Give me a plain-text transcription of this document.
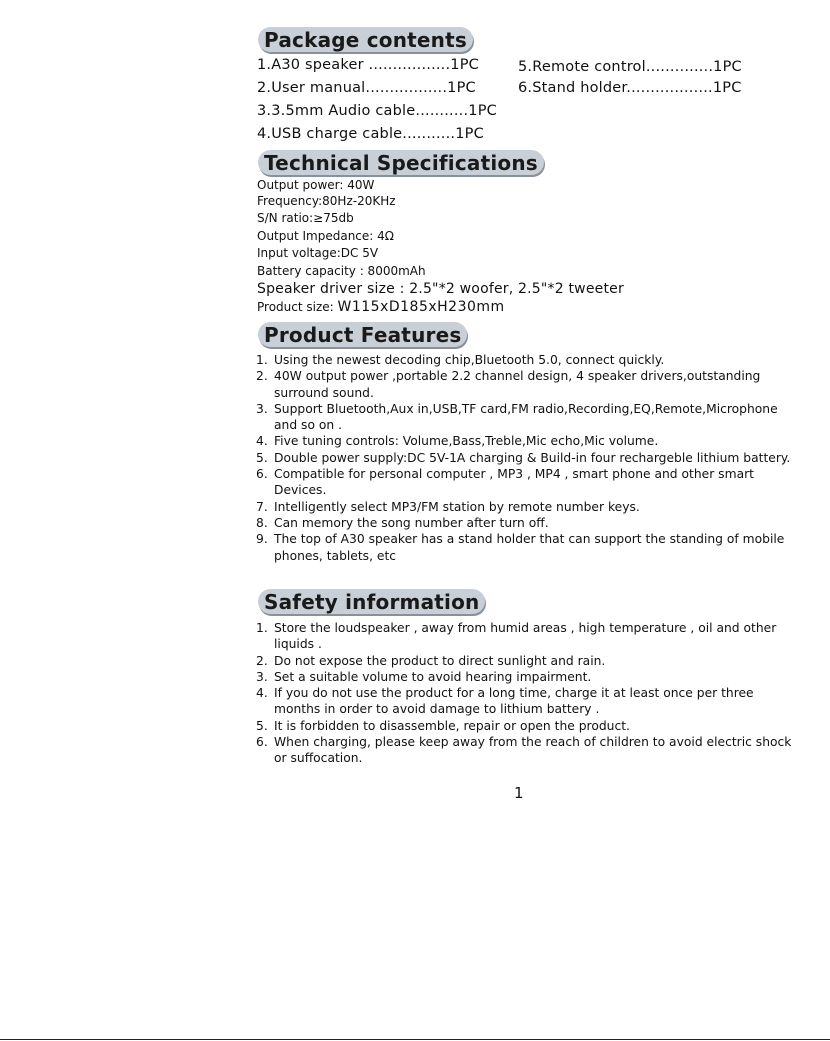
Package contents
1.A30 speaker .................1PC
2.User manual.................1PC
3.3.5mm Audio cable...........1PC
4.USB charge cable...........1PC
5.Remote control..............1PC
6.Stand holder..................1PC
Technical Specifications
Output power: 40W
Frequency:80Hz-20KHz
S/N ratio:≥75db
Output Impedance: 4Ω
Input voltage:DC 5V
Battery capacity : 8000mAh
Speaker driver size : 2.5"*2 woofer, 2.5"*2 tweeter
Product size: W115xD185xH230mm
Product Features
1. Using the newest decoding chip,Bluetooth 5.0, connect quickly.
2. 40W output power ,portable 2.2 channel design, 4 speaker drivers,outstanding surround sound.
3. Support Bluetooth,Aux in,USB,TF card,FM radio,Recording,EQ,Remote,Microphone and so on .
4. Five tuning controls: Volume,Bass,Treble,Mic echo,Mic volume.
5. Double power supply:DC 5V-1A charging & Build-in four rechargeble lithium battery.
6. Compatible for personal computer , MP3 , MP4 , smart phone and other smart Devices.
7. Intelligently select MP3/FM station by remote number keys.
8. Can memory the song number after turn off.
9. The top of A30 speaker has a stand holder that can support the standing of mobile phones, tablets, etc
Safety information
1. Store the loudspeaker , away from humid areas , high temperature , oil and other liquids .
2. Do not expose the product to direct sunlight and rain.
3. Set a suitable volume to avoid hearing impairment.
4. If you do not use the product for a long time, charge it at least once per three months in order to avoid damage to lithium battery .
5. It is forbidden to disassemble, repair or open the product.
6. When charging, please keep away from the reach of children to avoid electric shock or suffocation.
1
